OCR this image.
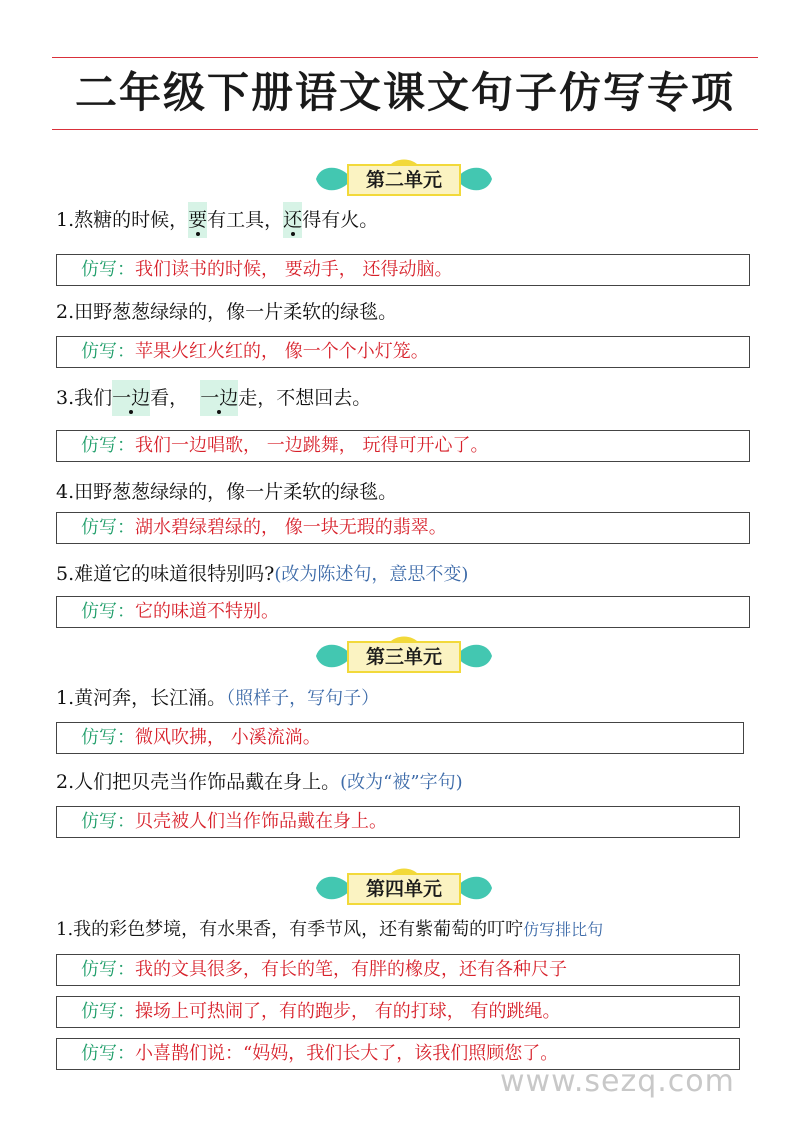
二年级下册语文课文句子仿写专项
第二单元
1.熬糖的时候，要
有工具，还
得有火。
仿写：我们读书的时候， 要动手， 还得动脑。
2.田野葱葱绿绿的，像一片柔软的绿毯。
仿写：苹果火红火红的， 像一个个小灯笼。
3.我们一边
看，  一边
走，不想回去。
仿写：我们一边唱歌， 一边跳舞， 玩得可开心了。
4.田野葱葱绿绿的，像一片柔软的绿毯。
仿写：湖水碧绿碧绿的， 像一块无瑕的翡翠。
5.难道它的味道很特别吗?(改为陈述句，意思不变)
仿写：它的味道不特别。
第三单元
1.黄河奔，长江涌。（照样子，写句子）
仿写：微风吹拂， 小溪流淌。
2.人们把贝壳当作饰品戴在身上。(改为“被”字句)
仿写：贝壳被人们当作饰品戴在身上。
第四单元
1.我的彩色梦境，有水果香，有季节风，还有紫葡萄的叮咛仿写排比句
仿写：我的文具很多，有长的笔，有胖的橡皮，还有各种尺子
仿写：操场上可热闹了，有的跑步， 有的打球， 有的跳绳。
仿写：小喜鹊们说：“妈妈，我们长大了，该我们照顾您了。
www.sezq.com
